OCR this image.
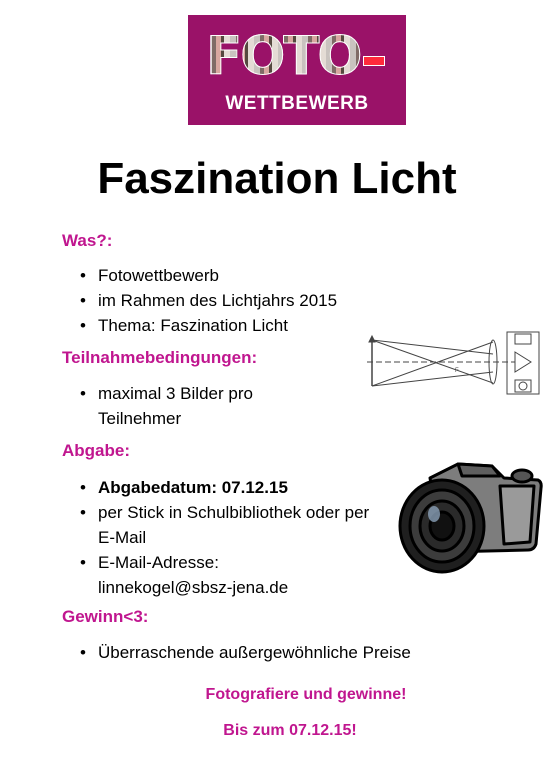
FOTO
WETTBEWERB
Faszination Licht
Was?:
• Fotowettbewerb
• im Rahmen des Lichtjahrs 2015
• Thema: Faszination Licht
Teilnahmebedingungen:
• maximal 3 Bilder pro
Teilnehmer
Abgabe:
• Abgabedatum: 07.12.15
• per Stick in Schulbibliothek oder per
E-Mail
• E-Mail-Adresse:
linnekogel@sbsz-jena.de
Gewinn<3:
• Überraschende außergewöhnliche Preise
Fotografiere und gewinne!
Bis zum 07.12.15!
F
